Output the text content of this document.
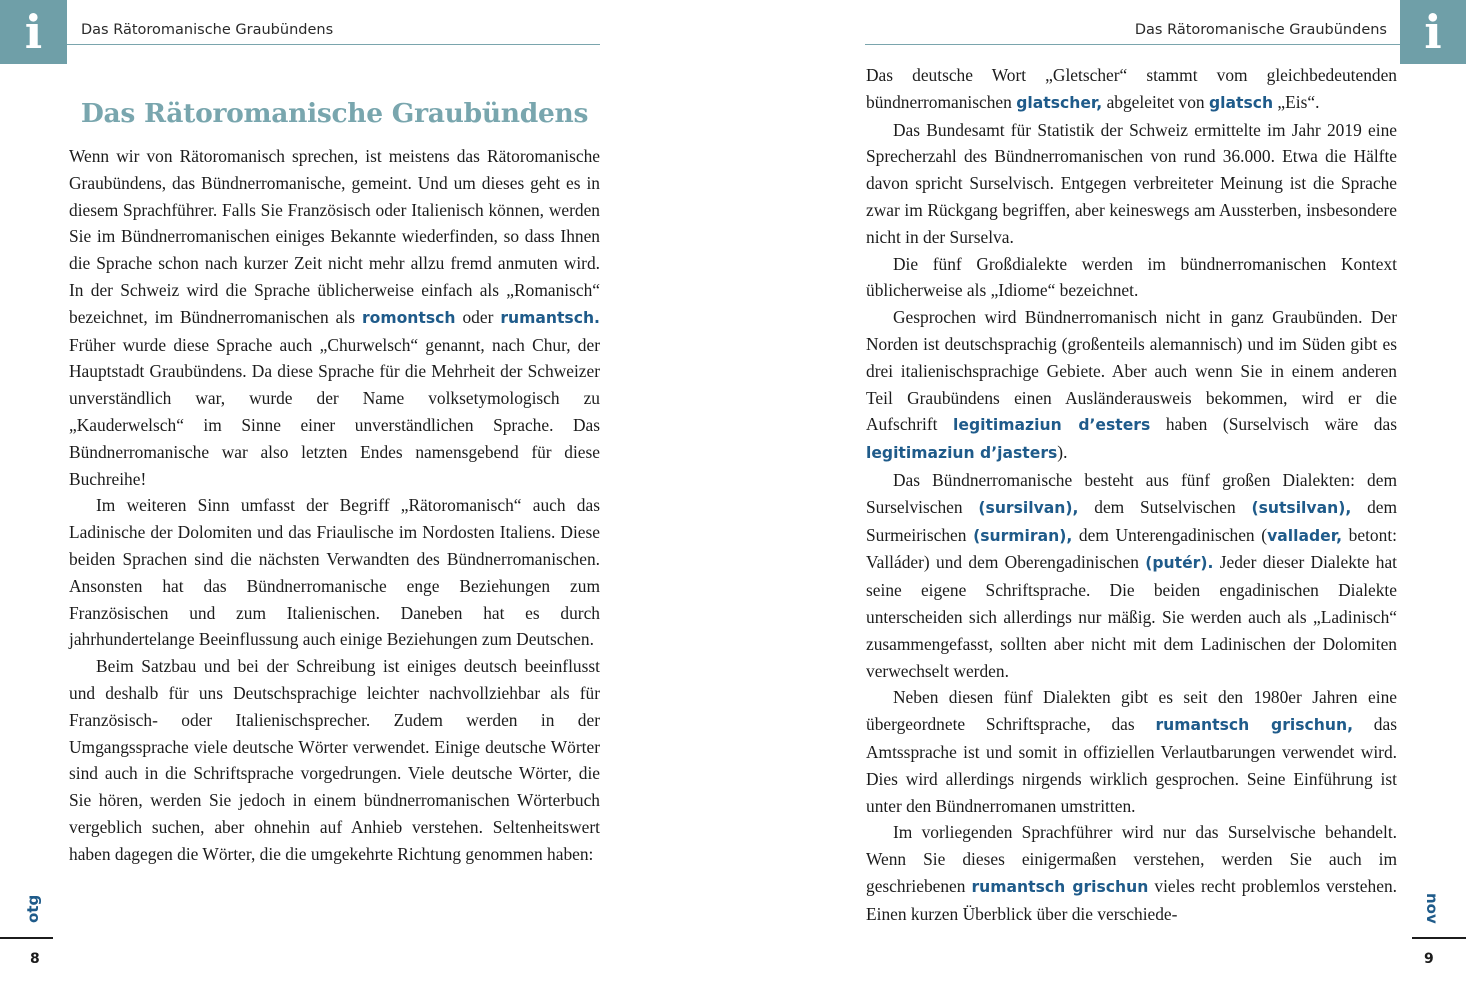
i	Das Rätoromanische Graubündens	i
Das Rätoromanische Graubündens
Das Rätoromanische Graubündens

Wenn wir von Rätoromanisch sprechen, ist meistens das Rätoromanische Graubündens, das Bündnerromanische, gemeint. Und um dieses geht es in diesem Sprachführer. Falls Sie Französisch oder Italienisch können, werden Sie im Bündnerromanischen einiges Bekannte wiederfinden, so dass Ihnen die Sprache schon nach kurzer Zeit nicht mehr allzu fremd anmuten wird. In der Schweiz wird die Sprache üblicherweise einfach als „Romanisch“ bezeichnet, im Bündnerromanischen als romontsch oder rumantsch. Früher wurde diese Sprache auch „Churwelsch“ genannt, nach Chur, der Hauptstadt Graubündens. Da diese Sprache für die Mehrheit der Schweizer unverständlich war, wurde der Name volksetymologisch zu „Kauderwelsch“ im Sinne einer unverständlichen Sprache. Das Bündnerromanische war also letzten Endes namensgebend für diese Buchreihe!

Im weiteren Sinn umfasst der Begriff „Rätoromanisch“ auch das Ladinische der Dolomiten und das Friaulische im Nordosten Italiens. Diese beiden Sprachen sind die nächsten Verwandten des Bündnerromanischen. Ansonsten hat das Bündnerromanische enge Beziehungen zum Französischen und zum Italienischen. Daneben hat es durch jahrhundertelange Beeinflussung auch einige Beziehungen zum Deutschen.

Beim Satzbau und bei der Schreibung ist einiges deutsch beeinflusst und deshalb für uns Deutschsprachige leichter nachvollziehbar als für Französisch- oder Italienischsprecher. Zudem werden in der Umgangssprache viele deutsche Wörter verwendet. Einige deutsche Wörter sind auch in die Schriftsprache vorgedrungen. Viele deutsche Wörter, die Sie hören, werden Sie jedoch in einem bündnerromanischen Wörterbuch vergeblich suchen, aber ohnehin auf Anhieb verstehen. Seltenheitswert haben dagegen die Wörter, die die umgekehrte Richtung genommen haben:

Das deutsche Wort „Gletscher“ stammt vom gleichbedeutenden bündnerromanischen glatscher, abgeleitet von glatsch „Eis“.

Das Bundesamt für Statistik der Schweiz ermittelte im Jahr 2019 eine Sprecherzahl des Bündnerromanischen von rund 36.000. Etwa die Hälfte davon spricht Surselvisch. Entgegen verbreiteter Meinung ist die Sprache zwar im Rückgang begriffen, aber keineswegs am Aussterben, insbesondere nicht in der Surselva.

Die fünf Großdialekte werden im bündnerromanischen Kontext üblicherweise als „Idiome“ bezeichnet.

Gesprochen wird Bündnerromanisch nicht in ganz Graubünden. Der Norden ist deutschsprachig (großenteils alemannisch) und im Süden gibt es drei italienischsprachige Gebiete. Aber auch wenn Sie in einem anderen Teil Graubündens einen Ausländerausweis bekommen, wird er die Aufschrift legitimaziun d’esters haben (Surselvisch wäre das legitimaziun d’jasters).

Das Bündnerromanische besteht aus fünf großen Dialekten: dem Surselvischen (sursilvan), dem Sutselvischen (sutsilvan), dem Surmeirischen (surmiran), dem Unterengadinischen (vallader, betont: Valláder) und dem Oberengadinischen (putér). Jeder dieser Dialekte hat seine eigene Schriftsprache. Die beiden engadinischen Dialekte unterscheiden sich allerdings nur mäßig. Sie werden auch als „Ladinisch“ zusammengefasst, sollten aber nicht mit dem Ladinischen der Dolomiten verwechselt werden.

Neben diesen fünf Dialekten gibt es seit den 1980er Jahren eine übergeordnete Schriftsprache, das rumantsch grischun, das Amtssprache ist und somit in offiziellen Verlautbarungen verwendet wird. Dies wird allerdings nirgends wirklich gesprochen. Seine Einführung ist unter den Bündnerromanen umstritten.

Im vorliegenden Sprachführer wird nur das Surselvische behandelt. Wenn Sie dieses einigermaßen verstehen, werden Sie auch im geschriebenen rumantsch grischun vieles recht problemlos verstehen. Einen kurzen Überblick über die verschiede-

otg	nov
8	9
